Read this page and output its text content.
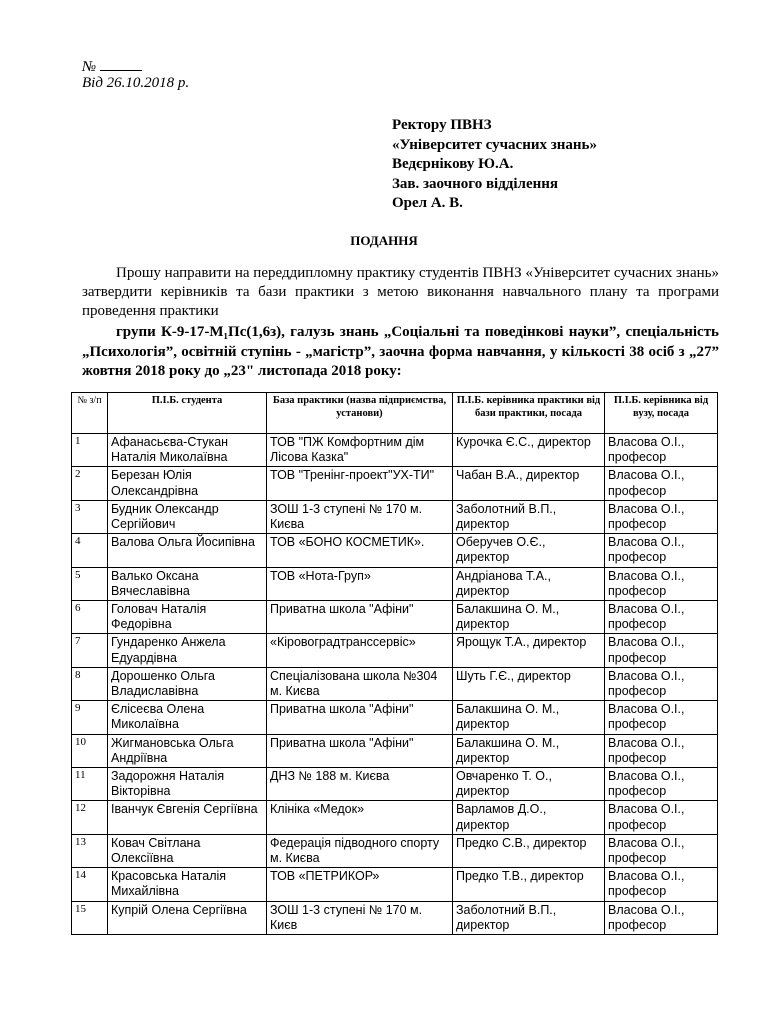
№
Від 26.10.2018 р.
Ректору ПВНЗ
«Університет сучасних знань»
Ведєрнікову Ю.А.
Зав. заочного відділення
Орел А. В.
ПОДАННЯ
Прошу направити на переддипломну практику студентів ПВНЗ «Університет сучасних знань» затвердити керівників та бази практики з метою виконання навчального плану та програми проведення практики
групи К-9-17-М₁Пс(1,6з), галузь знань „Соціальні та поведінкові науки”, спеціальність „Психологія”, освітній ступінь - „магістр”, заочна форма навчання, у кількості 38 осіб з „27” жовтня 2018 року до „23" листопада 2018 року:
№ з/п	П.І.Б. студента	База практики (назва підприємства, установи)	П.І.Б. керівника практики від бази практики, посада	П.І.Б. керівника від вузу, посада
1	Афанасьєва-Стукан Наталія Миколаївна	ТОВ "ПЖ Комфортним дім Лісова Казка"	Курочка Є.С., директор	Власова О.І., професор
2	Березан Юлія Олександрівна	ТОВ "Тренінг-проект"УХ-ТИ"	Чабан В.А., директор	Власова О.І., професор
3	Будник Олександр Сергійович	ЗОШ 1-3 ступені № 170 м. Києва	Заболотний В.П., директор	Власова О.І., професор
4	Валова Ольга Йосипівна	ТОВ «БОНО КОСМЕТИК».	Оберучев О.Є., директор	Власова О.І., професор
5	Валько Оксана Вячеславівна	ТОВ «Нота-Груп»	Андріанова Т.А., директор	Власова О.І., професор
6	Головач Наталія Федорівна	Приватна школа "Афіни"	Балакшина О. М., директор	Власова О.І., професор
7	Гундаренко Анжела Едуардівна	«Кіровоградтранссервіс»	Ярощук Т.А., директор	Власова О.І., професор
8	Дорошенко Ольга Владиславівна	Спеціалізована школа №304 м. Києва	Шуть Г.Є., директор	Власова О.І., професор
9	Єлісеєва Олена Миколаївна	Приватна школа "Афіни"	Балакшина О. М., директор	Власова О.І., професор
10	Жигмановська Ольга Андріївна	Приватна школа "Афіни"	Балакшина О. М., директор	Власова О.І., професор
11	Задорожня Наталія Вікторівна	ДНЗ № 188 м. Києва	Овчаренко Т. О., директор	Власова О.І., професор
12	Іванчук Євгенія Сергіївна	Клініка «Медок»	Варламов Д.О., директор	Власова О.І., професор
13	Ковач Світлана Олексіївна	Федерація підводного спорту м. Києва	Предко С.В., директор	Власова О.І., професор
14	Красовська Наталія Михайлівна	ТОВ «ПЕТРИКОР»	Предко Т.В., директор	Власова О.І., професор
15	Купрій Олена Сергіївна	ЗОШ 1-3 ступені № 170 м. Києв	Заболотний В.П., директор	Власова О.І., професор
